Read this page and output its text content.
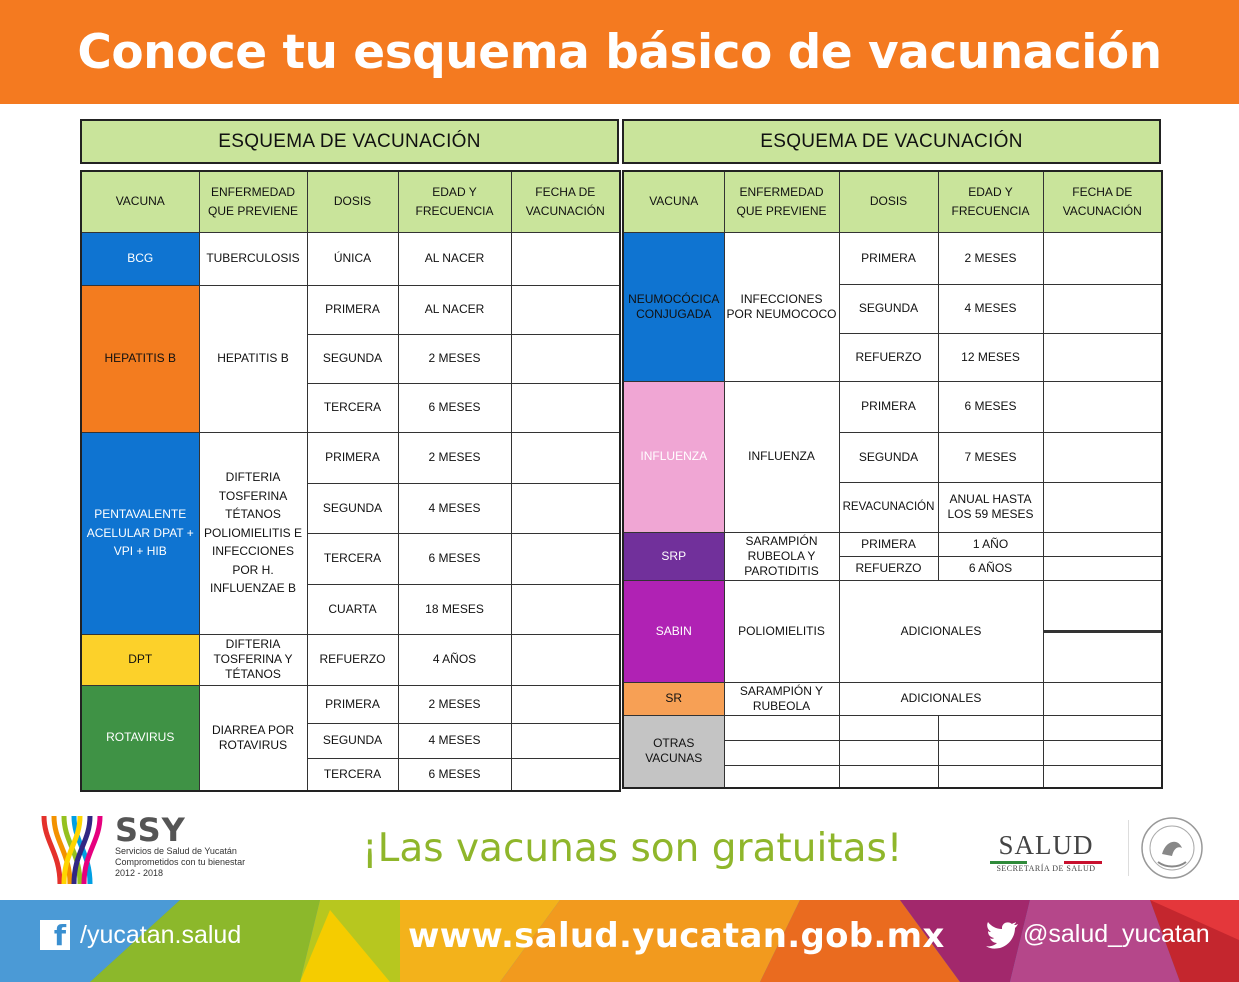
Conoce tu esquema básico de vacunación
ESQUEMA DE VACUNACIÓN	ESQUEMA DE VACUNACIÓN
VACUNA	ENFERMEDAD QUE PREVIENE	DOSIS	EDAD Y FRECUENCIA	FECHA DE VACUNACIÓN
BCG	TUBERCULOSIS	ÚNICA	AL NACER	
HEPATITIS B	HEPATITIS B	PRIMERA	AL NACER	
		SEGUNDA	2 MESES	
		TERCERA	6 MESES	
PENTAVALENTE ACELULAR DPAT + VPI + HIB	DIFTERIA TOSFERINA TÉTANOS POLIOMIELITIS E INFECCIONES POR H. INFLUENZAE B	PRIMERA	2 MESES	
		SEGUNDA	4 MESES	
		TERCERA	6 MESES	
		CUARTA	18 MESES	
DPT	DIFTERIA TOSFERINA Y TÉTANOS	REFUERZO	4 AÑOS	
ROTAVIRUS	DIARREA POR ROTAVIRUS	PRIMERA	2 MESES	
		SEGUNDA	4 MESES	
		TERCERA	6 MESES	
VACUNA	ENFERMEDAD QUE PREVIENE	DOSIS	EDAD Y FRECUENCIA	FECHA DE VACUNACIÓN
NEUMOCÓCICA CONJUGADA	INFECCIONES POR NEUMOCOCO	PRIMERA	2 MESES	
		SEGUNDA	4 MESES	
		REFUERZO	12 MESES	
INFLUENZA	INFLUENZA	PRIMERA	6 MESES	
		SEGUNDA	7 MESES	
		REVACUNACIÓN	ANUAL HASTA LOS 59 MESES	
SRP	SARAMPIÓN RUBEOLA Y PAROTIDITIS	PRIMERA	1 AÑO	
		REFUERZO	6 AÑOS	
SABIN	POLIOMIELITIS	ADICIONALES		

SR	SARAMPIÓN Y RUBEOLA	ADICIONALES		
OTRAS VACUNAS				

SSY
Servicios de Salud de Yucatán
Comprometidos con tu bienestar
2012 - 2018
¡Las vacunas son gratuitas!	SALUD
SECRETARÍA DE SALUD
f /yucatan.salud	www.salud.yucatan.gob.mx	@salud_yucatan
